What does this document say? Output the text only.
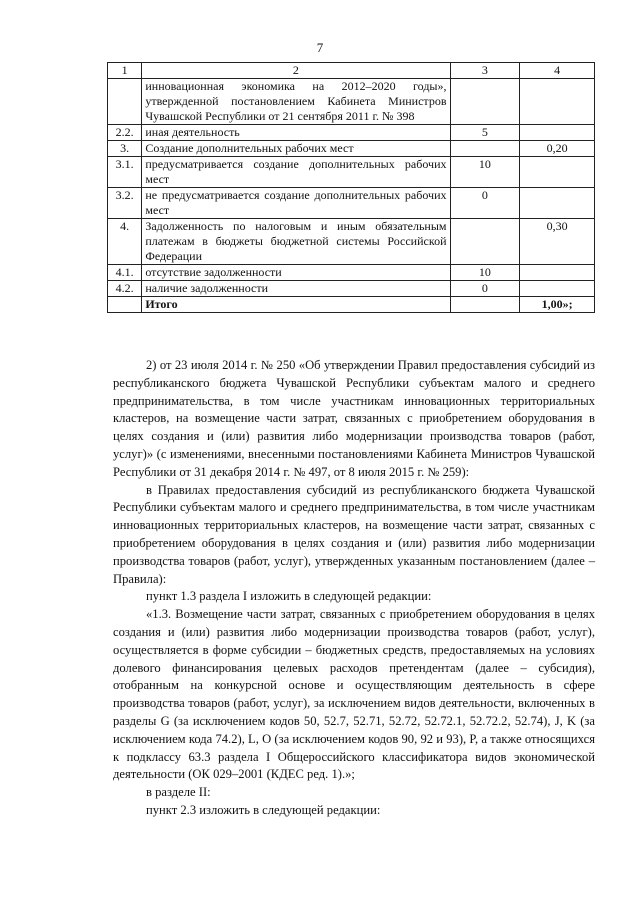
7
1	2	3	4
	инновационная экономика на 2012–2020 годы», утвержденной постановлением Кабинета Министров Чувашской Республики от 21 сентября 2011 г. № 398		
2.2.	иная деятельность	5	
3.	Создание дополнительных рабочих мест		0,20
3.1.	предусматривается создание дополнительных рабочих мест	10	
3.2.	не предусматривается создание дополнительных рабочих мест	0	
4.	Задолженность по налоговым и иным обязательным платежам в бюджеты бюджетной системы Российской Федерации		0,30
4.1.	отсутствие задолженности	10	
4.2.	наличие задолженности	0	
	Итого		1,00»;

2) от 23 июля 2014 г. № 250 «Об утверждении Правил предоставления субсидий из республиканского бюджета Чувашской Республики субъектам малого и среднего предпринимательства, в том числе участникам инновационных территориальных кластеров, на возмещение части затрат, связанных с приобретением оборудования в целях создания и (или) развития либо модернизации производства товаров (работ, услуг)» (с изменениями, внесенными постановлениями Кабинета Министров Чувашской Республики от 31 декабря 2014 г. № 497, от 8 июля 2015 г. № 259):

в Правилах предоставления субсидий из республиканского бюджета Чувашской Республики субъектам малого и среднего предпринимательства, в том числе участникам инновационных территориальных кластеров, на возмещение части затрат, связанных с приобретением оборудования в целях создания и (или) развития либо модернизации производства товаров (работ, услуг), утвержденных указанным постановлением (далее – Правила):

пункт 1.3 раздела I изложить в следующей редакции:

«1.3. Возмещение части затрат, связанных с приобретением оборудования в целях создания и (или) развития либо модернизации производства товаров (работ, услуг), осуществляется в форме субсидии – бюджетных средств, предоставляемых на условиях долевого финансирования целевых расходов претендентам (далее – субсидия), отобранным на конкурсной основе и осуществляющим деятельность в сфере производства товаров (работ, услуг), за исключением видов деятельности, включенных в разделы G (за исключением кодов 50, 52.7, 52.71, 52.72, 52.72.1, 52.72.2, 52.74), J, K (за исключением кода 74.2), L, O (за исключением кодов 90, 92 и 93), P, а также относящихся к подклассу 63.3 раздела I Общероссийского классификатора видов экономической деятельности (ОК 029–2001 (КДЕС ред. 1).»;

в разделе II:

пункт 2.3 изложить в следующей редакции:
